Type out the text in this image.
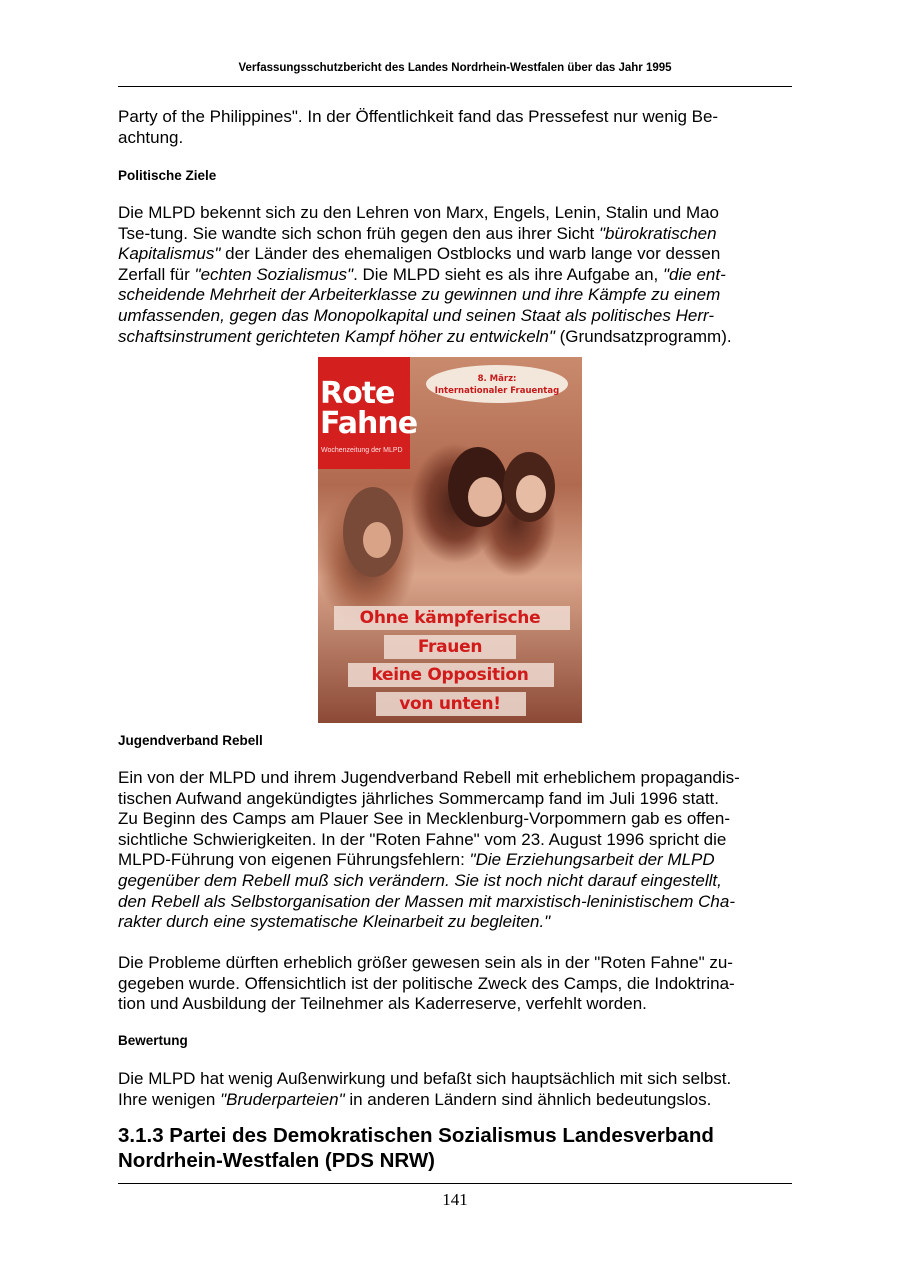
Verfassungsschutzbericht des Landes Nordrhein-Westfalen über das Jahr 1995

Party of the Philippines". In der Öffentlichkeit fand das Pressefest nur wenig Be-
achtung.

Politische Ziele

Die MLPD bekennt sich zu den Lehren von Marx, Engels, Lenin, Stalin und Mao
Tse-tung. Sie wandte sich schon früh gegen den aus ihrer Sicht "bürokratischen
Kapitalismus" der Länder des ehemaligen Ostblocks und warb lange vor dessen
Zerfall für "echten Sozialismus". Die MLPD sieht es als ihre Aufgabe an, "die ent-
scheidende Mehrheit der Arbeiterklasse zu gewinnen und ihre Kämpfe zu einem
umfassenden, gegen das Monopolkapital und seinen Staat als politisches Herr-
schaftsinstrument gerichteten Kampf höher zu entwickeln" (Grundsatzprogramm).

Rote
Fahne
Wochenzeitung der MLPD
8. März:
Internationaler Frauentag
Ohne kämpferische
Frauen
keine Opposition
von unten!
Jugendverband Rebell

Ein von der MLPD und ihrem Jugendverband Rebell mit erheblichem propagandis-
tischen Aufwand angekündigtes jährliches Sommercamp fand im Juli 1996 statt.
Zu Beginn des Camps am Plauer See in Mecklenburg-Vorpommern gab es offen-
sichtliche Schwierigkeiten. In der "Roten Fahne" vom 23. August 1996 spricht die
MLPD-Führung von eigenen Führungsfehlern: "Die Erziehungsarbeit der MLPD
gegenüber dem Rebell muß sich verändern. Sie ist noch nicht darauf eingestellt,
den Rebell als Selbstorganisation der Massen mit marxistisch-leninistischem Cha-
rakter durch eine systematische Kleinarbeit zu begleiten."

Die Probleme dürften erheblich größer gewesen sein als in der "Roten Fahne" zu-
gegeben wurde. Offensichtlich ist der politische Zweck des Camps, die Indoktrina-
tion und Ausbildung der Teilnehmer als Kaderreserve, verfehlt worden.

Bewertung

Die MLPD hat wenig Außenwirkung und befaßt sich hauptsächlich mit sich selbst.
Ihre wenigen "Bruderparteien" in anderen Ländern sind ähnlich bedeutungslos.

3.1.3 Partei des Demokratischen Sozialismus Landesverband
Nordrhein-Westfalen (PDS NRW)
141
